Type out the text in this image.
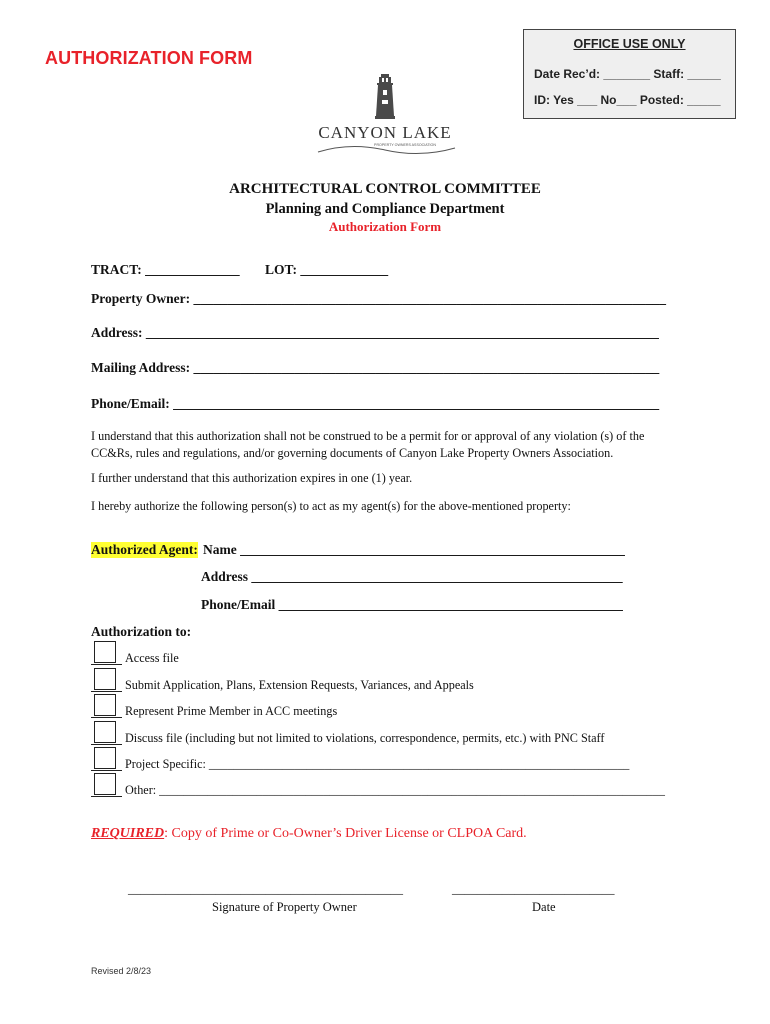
AUTHORIZATION FORM
OFFICE USE ONLY
Date Rec’d: _______ Staff: _____
ID: Yes ___ No___ Posted: _____
CANYON LAKE
PROPERTY OWNERS ASSOCIATION
ARCHITECTURAL CONTROL COMMITTEE
Planning and Compliance Department
Authorization Form
TRACT: ______________ LOT: _____________
Property Owner: ______________________________________________________________________
Address: ____________________________________________________________________________
Mailing Address: _____________________________________________________________________
Phone/Email: ________________________________________________________________________
I understand that this authorization shall not be construed to be a permit for or approval of any violation (s) of the CC&Rs, rules and regulations, and/or governing documents of Canyon Lake Property Owners Association.
I further understand that this authorization expires in one (1) year.
I hereby authorize the following person(s) to act as my agent(s) for the above-mentioned property:
Authorized Agent: Name _________________________________________________________
Address _______________________________________________________
Phone/Email ___________________________________________________
Authorization to:
Access file
Submit Application, Plans, Extension Requests, Variances, and Appeals
Represent Prime Member in ACC meetings
Discuss file (including but not limited to violations, correspondence, permits, etc.) with PNC Staff
Project Specific: _____________________________________________________________________
Other: ___________________________________________________________________________________
REQUIRED: Copy of Prime or Co-Owner’s Driver License or CLPOA Card.
____________________________________________	__________________________
Signature of Property Owner	Date
Revised 2/8/23
